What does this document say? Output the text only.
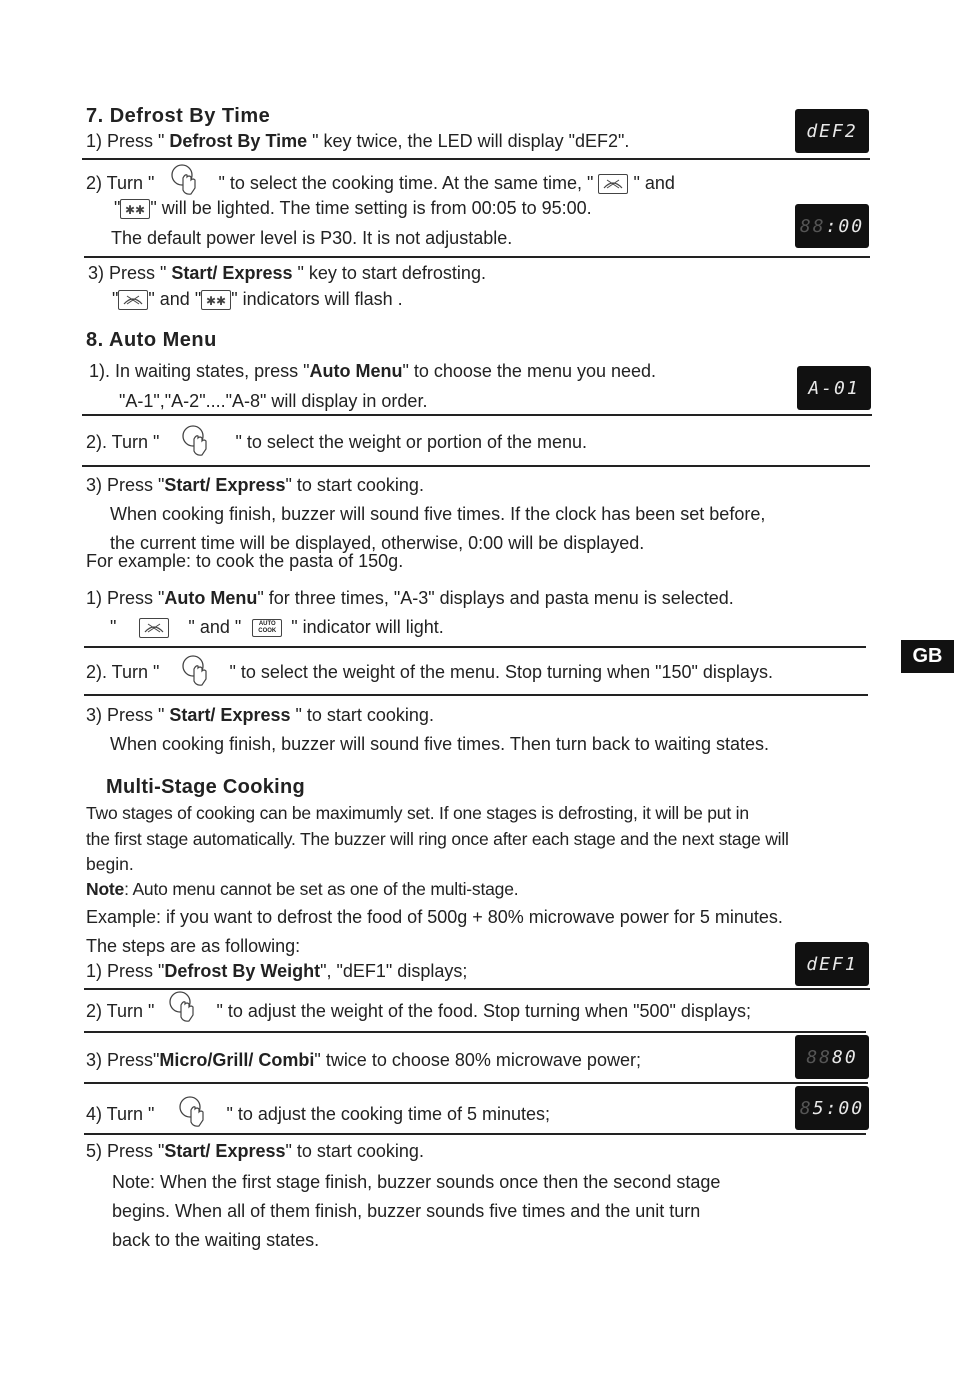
7. Defrost By Time
1) Press " Defrost By Time " key twice, the LED will display "dEF2".	dEF2
2) Turn "	" to select the cooking time. At the same time, " " and
" ✱✱ " will be lighted. The time setting is from 00:05 to 95:00.
The default power level is P30. It is not adjustable.
88 :00
3) Press " Start/ Express " key to start defrosting.
" " and " ✱✱ " indicators will flash .
8. Auto Menu
1). In waiting states, press "Auto Menu" to choose the menu you need.
"A-1","A-2"...."A-8" will display in order.
A-01
2). Turn "	" to select the weight or portion of the menu.
3) Press "Start/ Express" to start cooking.
When cooking finish, buzzer will sound five times. If the clock has been set before,
the current time will be displayed, otherwise, 0:00 will be displayed.
For example: to cook the pasta of 150g.
1) Press "Auto Menu" for three times, "A-3" displays and pasta menu is selected.
"	" and "	AUTO
COOK " indicator will light.
2). Turn "	" to select the weight of the menu. Stop turning when "150" displays.
3) Press " Start/ Express " to start cooking.
When cooking finish, buzzer will sound five times. Then turn back to waiting states.
GB
Multi-Stage Cooking
Two stages of cooking can be maximumly set. If one stages is defrosting, it will be put in
the first stage automatically. The buzzer will ring once after each stage and the next stage will
begin.
Note: Auto menu cannot be set as one of the multi-stage.
Example: if you want to defrost the food of 500g + 80% microwave power for 5 minutes.
The steps are as following:
1) Press "Defrost By Weight", "dEF1" displays;	dEF1
2) Turn "	" to adjust the weight of the food. Stop turning when "500" displays;
3) Press"Micro/Grill/ Combi" twice to choose 80% microwave power;	88 80
4) Turn "	" to adjust the cooking time of 5 minutes;	8 5:00
5) Press "Start/ Express" to start cooking.
Note: When the first stage finish, buzzer sounds once then the second stage
begins. When all of them finish, buzzer sounds five times and the unit turn
back to the waiting states.
